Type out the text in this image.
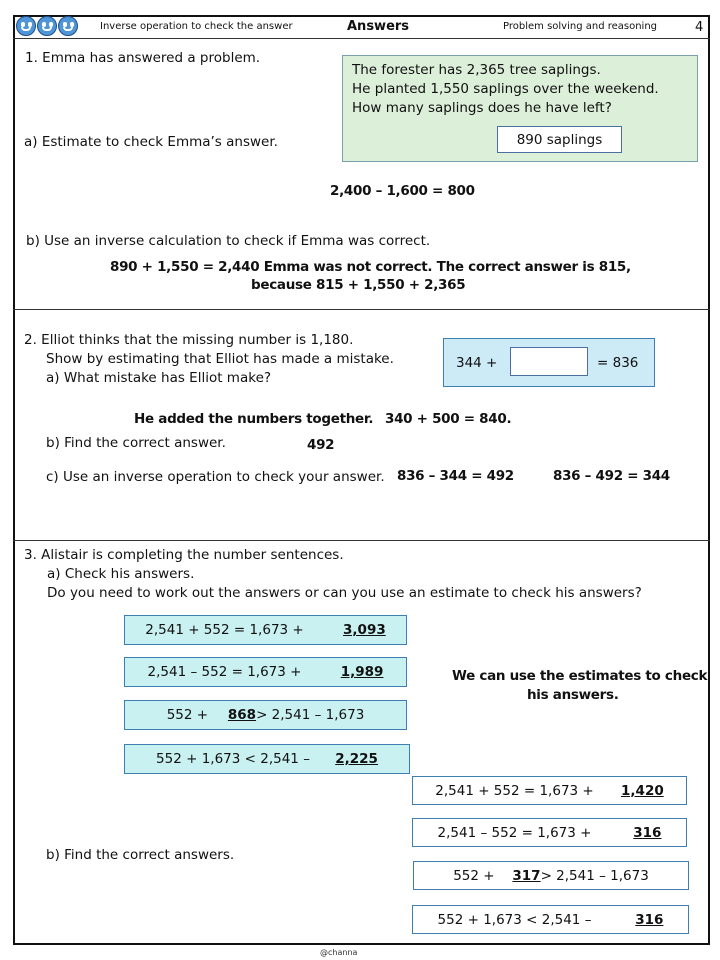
Inverse operation to check the answer	Answers	Problem solving and reasoning	4
1. Emma has answered a problem.
The forester has 2,365 tree saplings.
He planted 1,550 saplings over the weekend.
How many saplings does he have left?
890 saplings
a) Estimate to check Emma’s answer.
2,400 – 1,600 = 800
b) Use an inverse calculation to check if Emma was correct.
890 + 1,550 = 2,440 Emma was not correct. The correct answer is 815,
because 815 + 1,550 + 2,365
2. Elliot thinks that the missing number is 1,180.
Show by estimating that Elliot has made a mistake.
a) What mistake has Elliot make?
344 +	= 836
He added the numbers together. 340 + 500 = 840.
b) Find the correct answer.	492
c) Use an inverse operation to check your answer. 836 – 344 = 492	836 – 492 = 344
3. Alistair is completing the number sentences.
a) Check his answers.
Do you need to work out the answers or can you use an estimate to check his answers?
2,541 + 552 = 1,673 +	3,093
2,541 – 552 = 1,673 +	1,989
552 +	868 > 2,541 – 1,673
552 + 1,673 < 2,541 –	2,225
We can use the estimates to check
his answers.
b) Find the correct answers.
2,541 + 552 = 1,673 +	1,420
2,541 – 552 = 1,673 +	316
552 +	317 > 2,541 – 1,673
552 + 1,673 < 2,541 –	316
@channa
